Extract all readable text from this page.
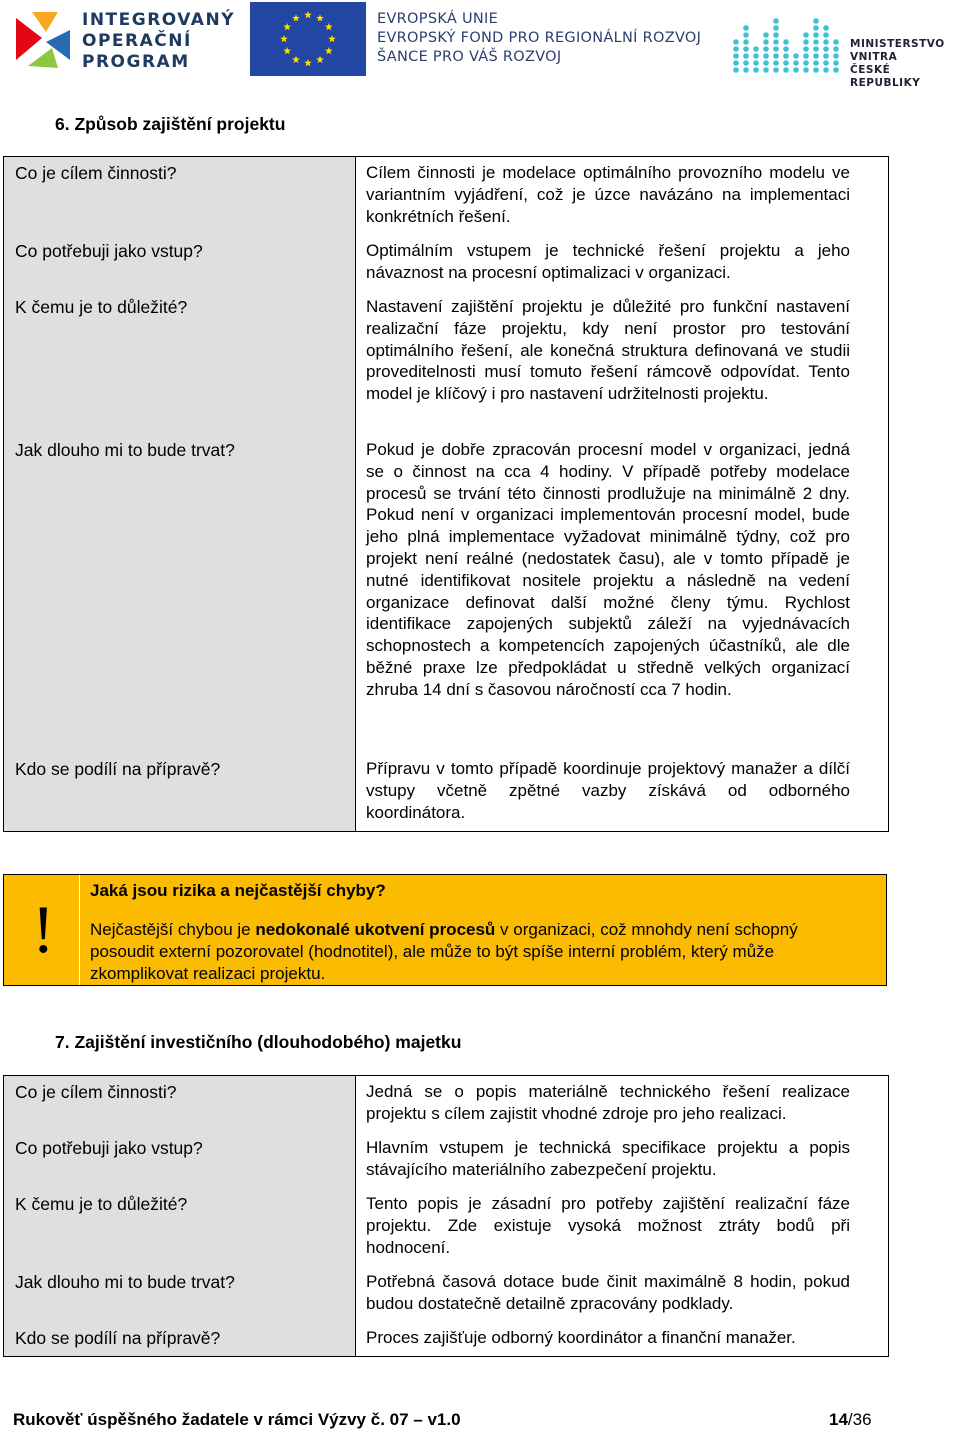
INTEGROVANÝ
OPERAČNÍ
PROGRAM
EVROPSKÁ UNIE
EVROPSKÝ FOND PRO REGIONÁLNÍ ROZVOJ
ŠANCE PRO VÁŠ ROZVOJ
MINISTERSTVO VNITRA
ČESKÉ REPUBLIKY
6. Způsob zajištění projektu
Co je cílem činnosti?	Cílem činnosti je modelace optimálního provozního modelu ve variantním vyjádření, což je úzce navázáno na implementaci konkrétních řešení.

Co potřebuji jako vstup?	Optimálním vstupem je technické řešení projektu a jeho návaznost na procesní optimalizaci v organizaci.

K čemu je to důležité?	Nastavení zajištění projektu je důležité pro funkční nastavení realizační fáze projektu, kdy není prostor pro testování optimálního řešení, ale konečná struktura definovaná ve studii proveditelnosti musí tomuto řešení rámcově odpovídat. Tento model je klíčový i pro nastavení udržitelnosti projektu.

Jak dlouho mi to bude trvat?	Pokud je dobře zpracován procesní model v organizaci, jedná se o činnost na cca 4 hodiny. V případě potřeby modelace procesů se trvání této činnosti prodlužuje na minimálně 2 dny. Pokud není v organizaci implementován procesní model, bude jeho plná implementace vyžadovat minimálně týdny, což pro projekt není reálné (nedostatek času), ale v tomto případě je nutné identifikovat nositele projektu a následně na vedení organizace definovat další možné členy týmu. Rychlost identifikace zapojených subjektů záleží na vyjednávacích schopnostech a kompetencích zapojených účastníků, ale dle běžné praxe lze předpokládat u středně velkých organizací zhruba 14 dní s časovou náročností cca 7 hodin.

Kdo se podílí na přípravě?	Přípravu v tomto případě koordinuje projektový manažer a dílčí vstupy včetně zpětné vazby získává od odborného koordinátora.

!
Jaká jsou rizika a nejčastější chyby?
Nejčastější chybou je nedokonalé ukotvení procesů v organizaci, což mnohdy není schopný posoudit externí pozorovatel (hodnotitel), ale může to být spíše interní problém, který může zkomplikovat realizaci projektu.
7. Zajištění investičního (dlouhodobého) majetku
Co je cílem činnosti?	Jedná se o popis materiálně technického řešení realizace projektu s cílem zajistit vhodné zdroje pro jeho realizaci.

Co potřebuji jako vstup?	Hlavním vstupem je technická specifikace projektu a popis stávajícího materiálního zabezpečení projektu.

K čemu je to důležité?	Tento popis je zásadní pro potřeby zajištění realizační fáze projektu. Zde existuje vysoká možnost ztráty bodů při hodnocení.

Jak dlouho mi to bude trvat?	Potřebná časová dotace bude činit maximálně 8 hodin, pokud budou dostatečně detailně zpracovány podklady.

Kdo se podílí na přípravě?	Proces zajišťuje odborný koordinátor a finanční manažer.

Rukověť úspěšného žadatele v rámci Výzvy č. 07 – v1.0	14/36
